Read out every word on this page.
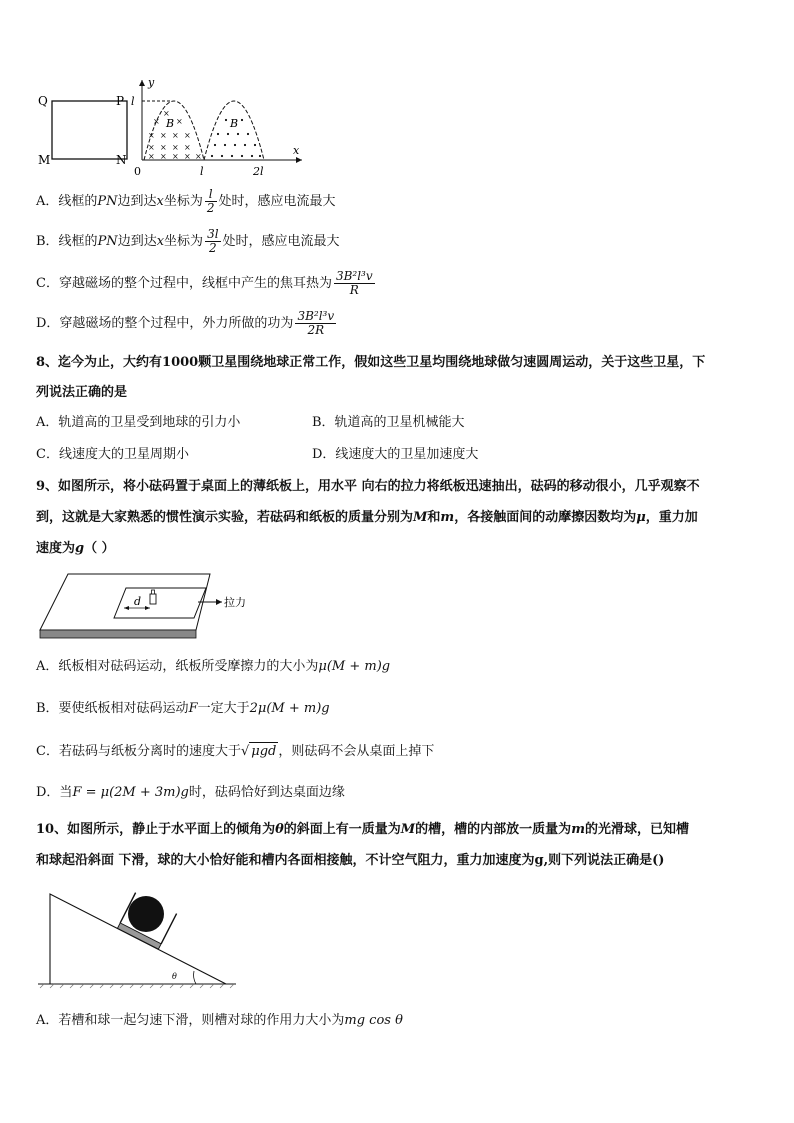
Q	P
M	N
y
x
l
0	l	2l
×
×
×
× × × ×
× × × ×
× × × × ×
B	B
A．线框的PN边到达x坐标为 $\frac{l}{2}$ 处时，感应电流最大
B．线框的PN边到达x坐标为 $\frac{3l}{2}$ 处时，感应电流最大
C．穿越磁场的整个过程中，线框中产生的焦耳热为 $\frac{\text{3B²l³v}}{R}$
D．穿越磁场的整个过程中，外力所做的功为 $\frac{\text{3B²l³v}}{2R}$
8、迄今为止，大约有1000颗卫星围绕地球正常工作，假如这些卫星均围绕地球做匀速圆周运动，关于这些卫星，下
列说法正确的是
A．轨道高的卫星受到地球的引力小	B．轨道高的卫星机械能大
C．线速度大的卫星周期小	D．线速度大的卫星加速度大
9、如图所示，将小砝码置于桌面上的薄纸板上，用水平 向右的拉力将纸板迅速抽出，砝码的移动很小，几乎观察不
到，这就是大家熟悉的惯性演示实验，若砝码和纸板的质量分别为M和m，各接触面间的动摩擦因数均为μ，重力加
速度为g（ ）
d	拉力
A．纸板相对砝码运动，纸板所受摩擦力的大小为μ(M + m)g
B．要使纸板相对砝码运动F一定大于2μ(M + m)g
C．若砝码与纸板分离时的速度大于√ μgd ，则砝码不会从桌面上掉下
D．当F = μ(2M + 3m)g时，砝码恰好到达桌面边缘
10、如图所示，静止于水平面上的倾角为θ的斜面上有一质量为M的槽，槽的内部放一质量为m的光滑球，已知槽
和球起沿斜面 下滑，球的大小恰好能和槽内各面相接触，不计空气阻力，重力加速度为g,则下列说法正确是()
θ
A．若槽和球一起匀速下滑，则槽对球的作用力大小为mg cos θ
